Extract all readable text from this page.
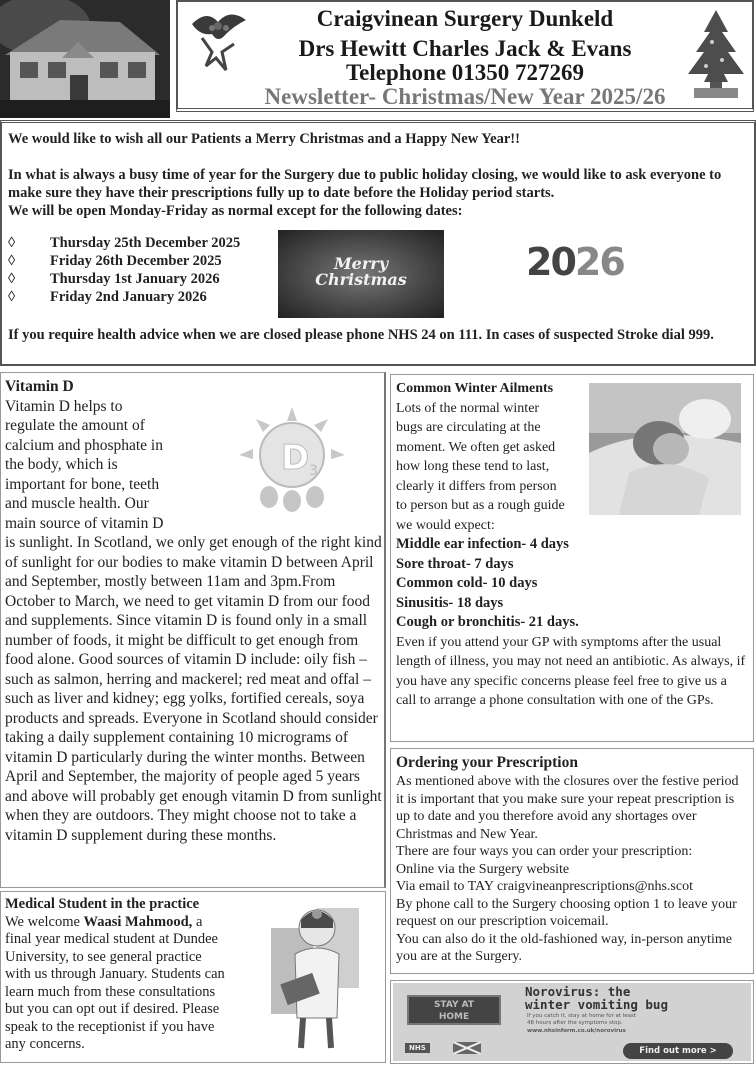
Craigvinean Surgery Dunkeld
Drs Hewitt Charles Jack & Evans
Telephone 01350 727269
Newsletter- Christmas/New Year 2025/26
We would like to wish all our Patients a Merry Christmas and a Happy New Year!!
In what is always a busy time of year for the Surgery due to public holiday closing, we would like to ask everyone to make sure they have their prescriptions fully up to date before the Holiday period starts.
We will be open Monday-Friday as normal except for the following dates:
◊	Thursday 25th December 2025
◊	Friday 26th December 2025
◊	Thursday 1st January 2026
◊	Friday 2nd January 2026
Merry
Christmas	2026
If you require health advice when we are closed please phone NHS 24 on 111. In cases of suspected Stroke dial 999.
Vitamin D
Vitamin D helps to
regulate the amount of
calcium and phosphate in
the body, which is
important for bone, teeth
and muscle health. Our
main source of vitamin D
is sunlight. In Scotland, we only get enough of the right kind of sunlight for our bodies to make vitamin D between April and September, mostly between 11am and 3pm.From October to March, we need to get vitamin D from our food and supplements. Since vitamin D is found only in a small number of foods, it might be difficult to get enough from food alone. Good sources of vitamin D include: oily fish – such as salmon, herring and mackerel; red meat and offal – such as liver and kidney; egg yolks, fortified cereals, soya products and spreads. Everyone in Scotland should consider taking a daily supplement containing 10 micrograms of vitamin D particularly during the winter months. Between April and September, the majority of people aged 5 years and above will probably get enough vitamin D from sunlight when they are outdoors. They might choose not to take a vitamin D supplement during these months.
D 3
Medical Student in the practice
We welcome Waasi Mahmood, a
final year medical student at Dundee
University, to see general practice
with us through January. Students can
learn much from these consultations
but you can opt out if desired. Please
speak to the receptionist if you have
any concerns.
Common Winter Ailments
Lots of the normal winter
bugs are circulating at the
moment. We often get asked
how long these tend to last,
clearly it differs from person
to person but as a rough guide
we would expect:
Middle ear infection- 4 days
Sore throat- 7 days
Common cold- 10 days
Sinusitis- 18 days
Cough or bronchitis- 21 days.
Even if you attend your GP with symptoms after the usual length of illness, you may not need an antibiotic. As always, if you have any specific concerns please feel free to give us a call to arrange a phone consultation with one of the GPs.
Ordering your Prescription
As mentioned above with the closures over the festive period it is important that you make sure your repeat prescription is up to date and you therefore avoid any shortages over Christmas and New Year.
There are four ways you can order your prescription:
Online via the Surgery website
Via email to TAY craigvineanprescriptions@nhs.scot
By phone call to the Surgery choosing option 1 to leave your request on our prescription voicemail.
You can also do it the old-fashioned way, in-person anytime you are at the Surgery.
STAY AT
HOME
Norovirus: the
winter vomiting bug
If you catch it, stay at home for at least
48 hours after the symptoms stop.
www.nhsinform.co.uk/norovirus
NHS	Find out more >
